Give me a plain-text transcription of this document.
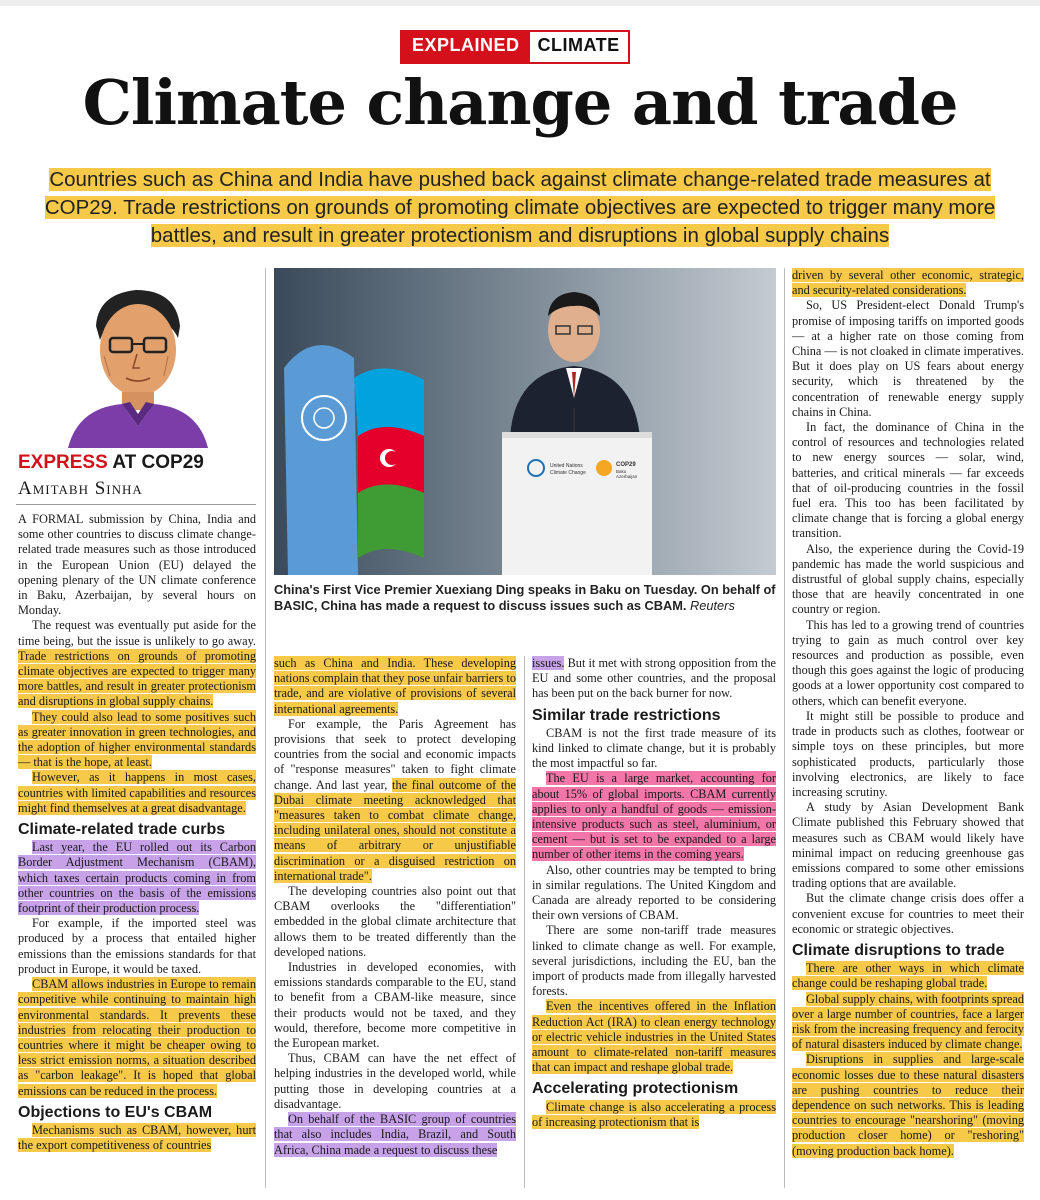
EXPLAINED	CLIMATE
Climate change and trade

Countries such as China and India have pushed back against climate change-related trade measures at COP29. Trade restrictions on grounds of promoting climate objectives are expected to trigger many more battles, and result in greater protectionism and disruptions in global supply chains

EXPRESS AT COP29
Amitabh Sinha

A FORMAL submission by China, India and some other countries to discuss climate change-related trade measures such as those introduced in the European Union (EU) delayed the opening plenary of the UN climate conference in Baku, Azerbaijan, by several hours on Monday.

The request was eventually put aside for the time being, but the issue is unlikely to go away. Trade restrictions on grounds of promoting climate objectives are expected to trigger many more battles, and result in greater protectionism and disruptions in global supply chains.

They could also lead to some positives such as greater innovation in green technologies, and the adoption of higher environmental standards — that is the hope, at least.

However, as it happens in most cases, countries with limited capabilities and resources might find themselves at a great disadvantage.

Climate-related trade curbs

Last year, the EU rolled out its Carbon Border Adjustment Mechanism (CBAM), which taxes certain products coming in from other countries on the basis of the emissions footprint of their production process.

For example, if the imported steel was produced by a process that entailed higher emissions than the emissions standards for that product in Europe, it would be taxed.

CBAM allows industries in Europe to remain competitive while continuing to maintain high environmental standards. It prevents these industries from relocating their production to countries where it might be cheaper owing to less strict emission norms, a situation described as "carbon leakage". It is hoped that global emissions can be reduced in the process.

Objections to EU's CBAM

Mechanisms such as CBAM, however, hurt the export competitiveness of countries

United Nations
Climate Change
COP29
Baku
Azerbaijan
China's First Vice Premier Xuexiang Ding speaks in Baku on Tuesday. On behalf of BASIC, China has made a request to discuss issues such as CBAM. Reuters

such as China and India. These developing nations complain that they pose unfair barriers to trade, and are violative of provisions of several international agreements.

For example, the Paris Agreement has provisions that seek to protect developing countries from the social and economic impacts of "response measures" taken to fight climate change. And last year, the final outcome of the Dubai climate meeting acknowledged that "measures taken to combat climate change, including unilateral ones, should not constitute a means of arbitrary or unjustifiable discrimination or a disguised restriction on international trade".

The developing countries also point out that CBAM overlooks the "differentiation" embedded in the global climate architecture that allows them to be treated differently than the developed nations.

Industries in developed economies, with emissions standards comparable to the EU, stand to benefit from a CBAM-like measure, since their products would not be taxed, and they would, therefore, become more competitive in the European market.

Thus, CBAM can have the net effect of helping industries in the developed world, while putting those in developing countries at a disadvantage.

On behalf of the BASIC group of countries that also includes India, Brazil, and South Africa, China made a request to discuss these

issues. But it met with strong opposition from the EU and some other countries, and the proposal has been put on the back burner for now.

Similar trade restrictions

CBAM is not the first trade measure of its kind linked to climate change, but it is probably the most impactful so far.

The EU is a large market, accounting for about 15% of global imports. CBAM currently applies to only a handful of goods — emission-intensive products such as steel, aluminium, or cement — but is set to be expanded to a large number of other items in the coming years.

Also, other countries may be tempted to bring in similar regulations. The United Kingdom and Canada are already reported to be considering their own versions of CBAM.

There are some non-tariff trade measures linked to climate change as well. For example, several jurisdictions, including the EU, ban the import of products made from illegally harvested forests.

Even the incentives offered in the Inflation Reduction Act (IRA) to clean energy technology or electric vehicle industries in the United States amount to climate-related non-tariff measures that can impact and reshape global trade.

Accelerating protectionism

Climate change is also accelerating a process of increasing protectionism that is

driven by several other economic, strategic, and security-related considerations.

So, US President-elect Donald Trump's promise of imposing tariffs on imported goods — at a higher rate on those coming from China — is not cloaked in climate imperatives. But it does play on US fears about energy security, which is threatened by the concentration of renewable energy supply chains in China.

In fact, the dominance of China in the control of resources and technologies related to new energy sources — solar, wind, batteries, and critical minerals — far exceeds that of oil-producing countries in the fossil fuel era. This too has been facilitated by climate change that is forcing a global energy transition.

Also, the experience during the Covid-19 pandemic has made the world suspicious and distrustful of global supply chains, especially those that are heavily concentrated in one country or region.

This has led to a growing trend of countries trying to gain as much control over key resources and production as possible, even though this goes against the logic of producing goods at a lower opportunity cost compared to others, which can benefit everyone.

It might still be possible to produce and trade in products such as clothes, footwear or simple toys on these principles, but more sophisticated products, particularly those involving electronics, are likely to face increasing scrutiny.

A study by Asian Development Bank Climate published this February showed that measures such as CBAM would likely have minimal impact on reducing greenhouse gas emissions compared to some other emissions trading options that are available.

But the climate change crisis does offer a convenient excuse for countries to meet their economic or strategic objectives.

Climate disruptions to trade

There are other ways in which climate change could be reshaping global trade.

Global supply chains, with footprints spread over a large number of countries, face a larger risk from the increasing frequency and ferocity of natural disasters induced by climate change.

Disruptions in supplies and large-scale economic losses due to these natural disasters are pushing countries to reduce their dependence on such networks. This is leading countries to encourage "nearshoring" (moving production closer home) or "reshoring" (moving production back home).
